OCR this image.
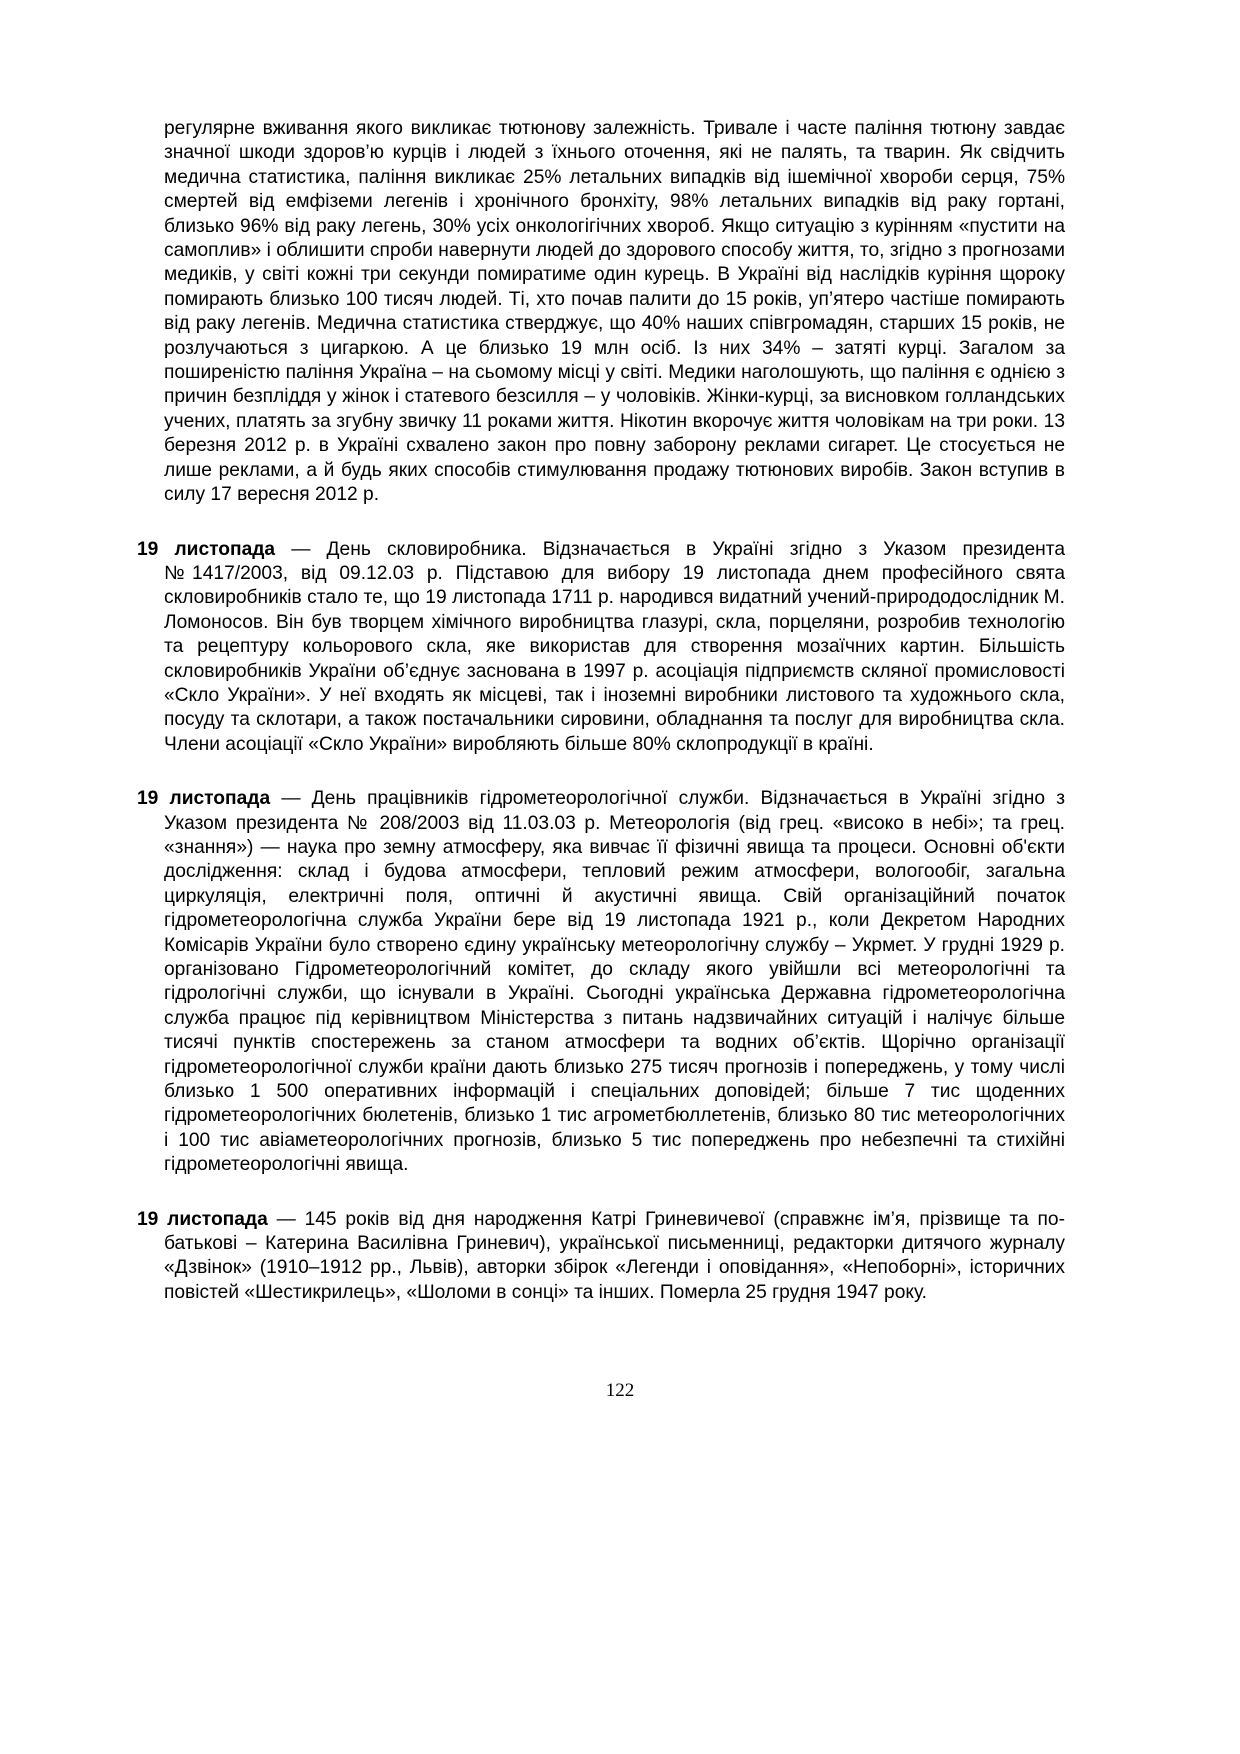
регулярне вживання якого викликає тютюнову залежність. Тривале і часте паління тютюну завдає значної шкоди здоров’ю курців і людей з їхнього оточення, які не палять, та тварин. Як свідчить медична статистика, паління викликає 25% летальних випадків від ішемічної хвороби серця, 75% смертей від емфіземи легенів і хронічного бронхіту, 98% летальних випадків від раку гортані, близько 96% від раку легень, 30% усіх онкологігічних хвороб. Якщо ситуацію з курінням «пустити на самоплив» і облишити спроби навернути людей до здорового способу життя, то, згідно з прогнозами медиків, у світі кожні три секунди помиратиме один курець. В Україні від наслідків куріння щороку помирають близько 100 тисяч людей. Ті, хто почав палити до 15 років, уп’ятеро частіше помирають від раку легенів. Медична статистика стверджує, що 40% наших співгромадян, старших 15 років, не розлучаються з цигаркою. А це близько 19 млн осіб. Із них 34% – затяті курці. Загалом за поширеністю паління Україна – на сьомому місці у світі. Медики наголошують, що паління є однією з причин безпліддя у жінок і статевого безсилля – у чоловіків. Жінки-курці, за висновком голландських учених, платять за згубну звичку 11 роками життя. Нікотин вкорочує життя чоловікам на три роки. 13 березня 2012 р. в Україні схвалено закон про повну заборону реклами сигарет. Це стосується не лише реклами, а й будь яких способів стимулювання продажу тютюнових виробів. Закон вступив в силу 17 вересня 2012 р.

19 листопада — День скловиробника. Відзначається в Україні згідно з Указом президента №1417/2003, від 09.12.03 р. Підставою для вибору 19 листопада днем професійного свята скловиробників стало те, що 19 листопада 1711 р. народився видатний учений-природодослідник М. Ломоносов. Він був творцем хімічного виробництва глазурі, скла, порцеляни, розробив технологію та рецептуру кольорового скла, яке використав для створення мозаїчних картин. Більшість скловиробників України об’єднує заснована в 1997 р. асоціація підприємств скляної промисловості «Скло України». У неї входять як місцеві, так і іноземні виробники листового та художнього скла, посуду та склотари, а також постачальники сировини, обладнання та послуг для виробництва скла. Члени асоціації «Скло України» виробляють більше 80% склопродукції в країні.

19 листопада — День працівників гідрометеорологічної служби. Відзначається в Україні згідно з Указом президента № 208/2003 від 11.03.03 р. Метеорологія (від грец. «високо в небі»; та грец. «знання») — наука про земну атмосферу, яка вивчає її фізичні явища та процеси. Основні об'єкти дослідження: склад і будова атмосфери, тепловий режим атмосфери, вологообіг, загальна циркуляція, електричні поля, оптичні й акустичні явища. Свій організаційний початок гідрометеорологічна служба України бере від 19 листопада 1921 р., коли Декретом Народних Комісарів України було створено єдину українську метеорологічну службу – Укрмет. У грудні 1929 р. організовано Гідрометеорологічний комітет, до складу якого увійшли всі метеорологічні та гідрологічні служби, що існували в Україні. Сьогодні українська Державна гідрометеорологічна служба працює під керівництвом Міністерства з питань надзвичайних ситуацій і налічує більше тисячі пунктів спостережень за станом атмосфери та водних об’єктів. Щорічно організації гідрометеорологічної служби країни дають близько 275 тисяч прогнозів і попереджень, у тому числі близько 1 500 оперативних інформацій і спеціальних доповідей; більше 7 тис щоденних гідрометеорологічних бюлетенів, близько 1 тис агрометбюллетенів, близько 80 тис метеорологічних і 100 тис авіаметеорологічних прогнозів, близько 5 тис попереджень про небезпечні та стихійні гідрометеорологічні явища.

19 листопада — 145 років від дня народження Катрі Гриневичевої (справжнє ім’я, прізвище та по-батькові – Катерина Василівна Гриневич), української письменниці, редакторки дитячого журналу «Дзвінок» (1910–1912 рр., Львів), авторки збірок «Легенди і оповідання», «Непоборні», історичних повістей «Шестикрилець», «Шоломи в сонці» та інших. Померла 25 грудня 1947 року.

122
